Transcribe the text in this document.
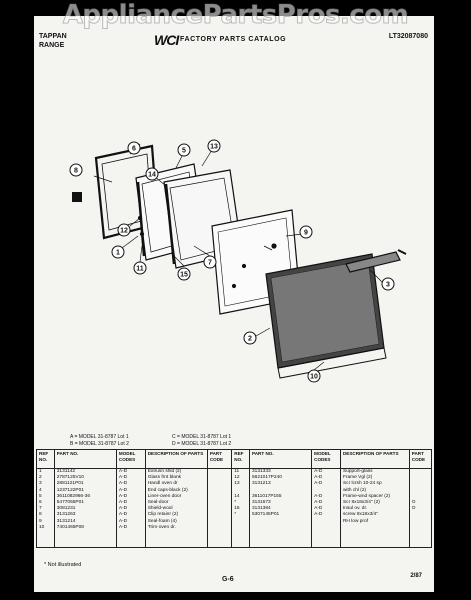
AppliancePartsPros.com
TAPPAN
RANGE	WCI FACTORY PARTS CATALOG	LT32087080
6	5
13
8
14
12
1
11
15
7
9
3
2
10
A = MODEL 31-8787 Lot 1
B = MODEL 31-8787 Lot 2
C = MODEL 31-8787 Lot 1
D = MODEL 31-8787 Lot 2
REF NO.	PART NO.	MODEL CODES	DESCRIPTION OF PARTS	PART CODE	REF NO.	PART NO.	MODEL CODES	DESCRIPTION OF PARTS	PART CODE
1	3131142	A-D	Extrusn shld (2)		11	3131333	A-D	Support-glass	
2	2787125V10	A-D	Glass frnt blank		12	5621017P240	A-D	Frame Vgl (2)	
3	2881121P01	A-D	Handl oven dr		13	3131213	A-D	Scr lcrsh 10-24 sp	
4	1237122P01	A-D	End caps-black (2)					with chl (2)	
5	3611082966-36	A-D	Liner-oven door		14	3611017P155	A-D	Frame-wnd spacer (2)	
6	5477065P01	A-D	Seal-door		*	3131673	A-D	Scr 8x18x3/4" (2)	O
7	3081231	A-D	Shield-wool		15	3131384	A-D	Insul ov. dr.	O
8	3131263	A-D	Clip retainr (2)		*	5307145P01	A-D	screw 8x18x3/4"	
9	3131214	A-D	Seal-foam (4)					RH low prof	
10	7401465P08	A-D	Trim-oven dr.						
* Not illustrated
G-6	2/87
